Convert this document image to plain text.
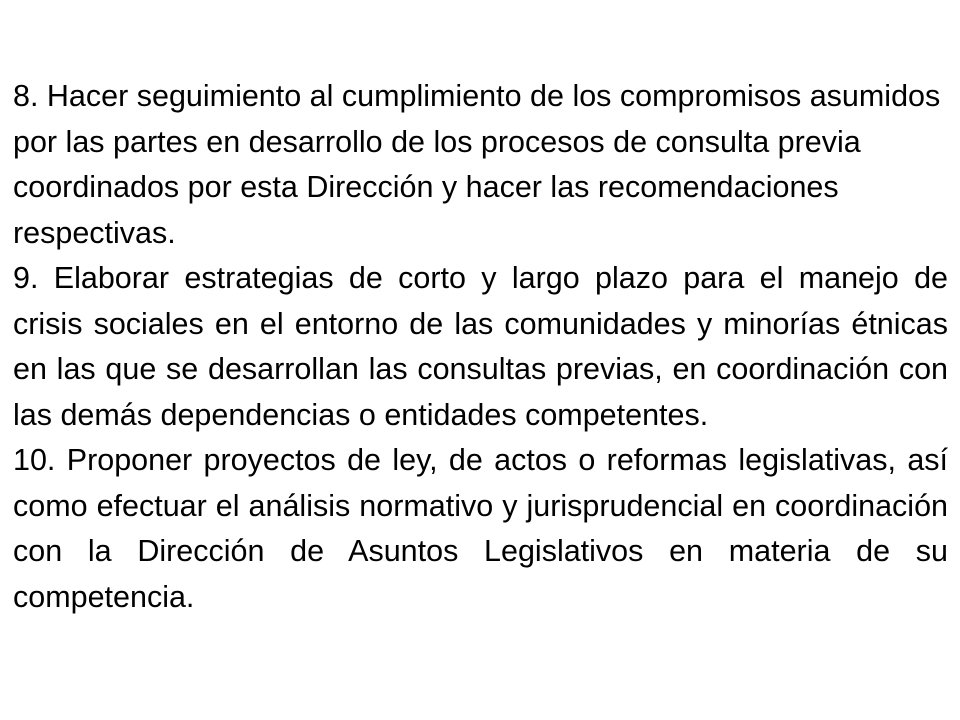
8. Hacer seguimiento al cumplimiento de los compromisos asumidos por las partes en desarrollo de los procesos de consulta previa coordinados por esta Dirección y hacer las recomendaciones respectivas.

9. Elaborar estrategias de corto y largo plazo para el manejo de crisis sociales en el entorno de las comunidades y minorías étnicas en las que se desarrollan las consultas previas, en coordinación con las demás dependencias o entidades competentes.

10. Proponer proyectos de ley, de actos o reformas legislativas, así como efectuar el análisis normativo y jurisprudencial en coordinación con la Dirección de Asuntos Legislativos en materia de su competencia.
